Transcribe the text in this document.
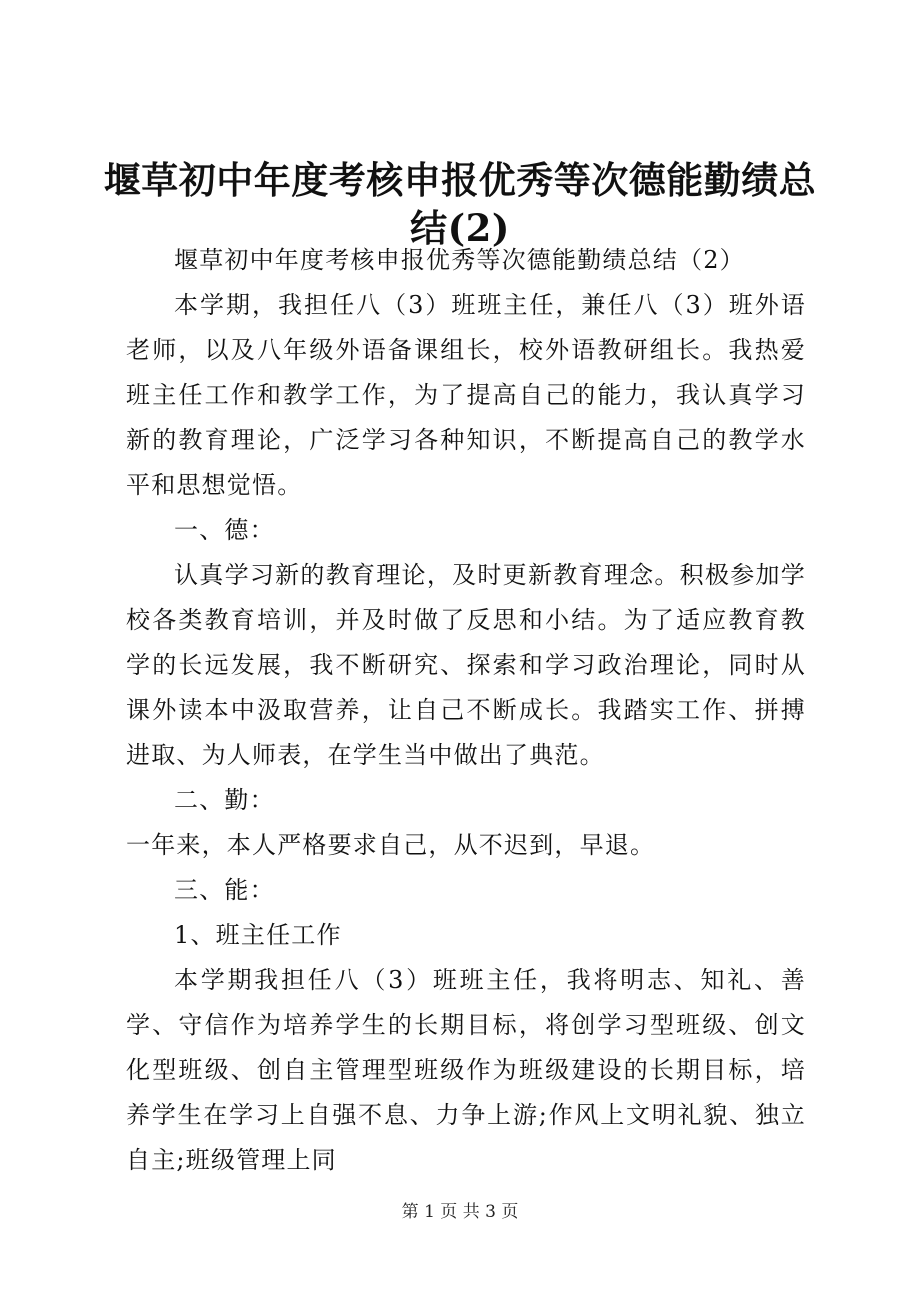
堰草初中年度考核申报优秀等次德能勤绩总结(2)

堰草初中年度考核申报优秀等次德能勤绩总结（2）

本学期，我担任八（3）班班主任，兼任八（3）班外语老师，以及八年级外语备课组长，校外语教研组长。我热爱班主任工作和教学工作，为了提高自己的能力，我认真学习新的教育理论，广泛学习各种知识，不断提高自己的教学水平和思想觉悟。

一、德：

认真学习新的教育理论，及时更新教育理念。积极参加学校各类教育培训，并及时做了反思和小结。为了适应教育教学的长远发展，我不断研究、探索和学习政治理论，同时从课外读本中汲取营养，让自己不断成长。我踏实工作、拼搏进取、为人师表，在学生当中做出了典范。

二、勤：

一年来，本人严格要求自己，从不迟到，早退。

三、能：

1、班主任工作

本学期我担任八（3）班班主任，我将明志、知礼、善学、守信作为培养学生的长期目标，将创学习型班级、创文化型班级、创自主管理型班级作为班级建设的长期目标，培养学生在学习上自强不息、力争上游;作风上文明礼貌、独立自主;班级管理上同

第 1 页 共 3 页
